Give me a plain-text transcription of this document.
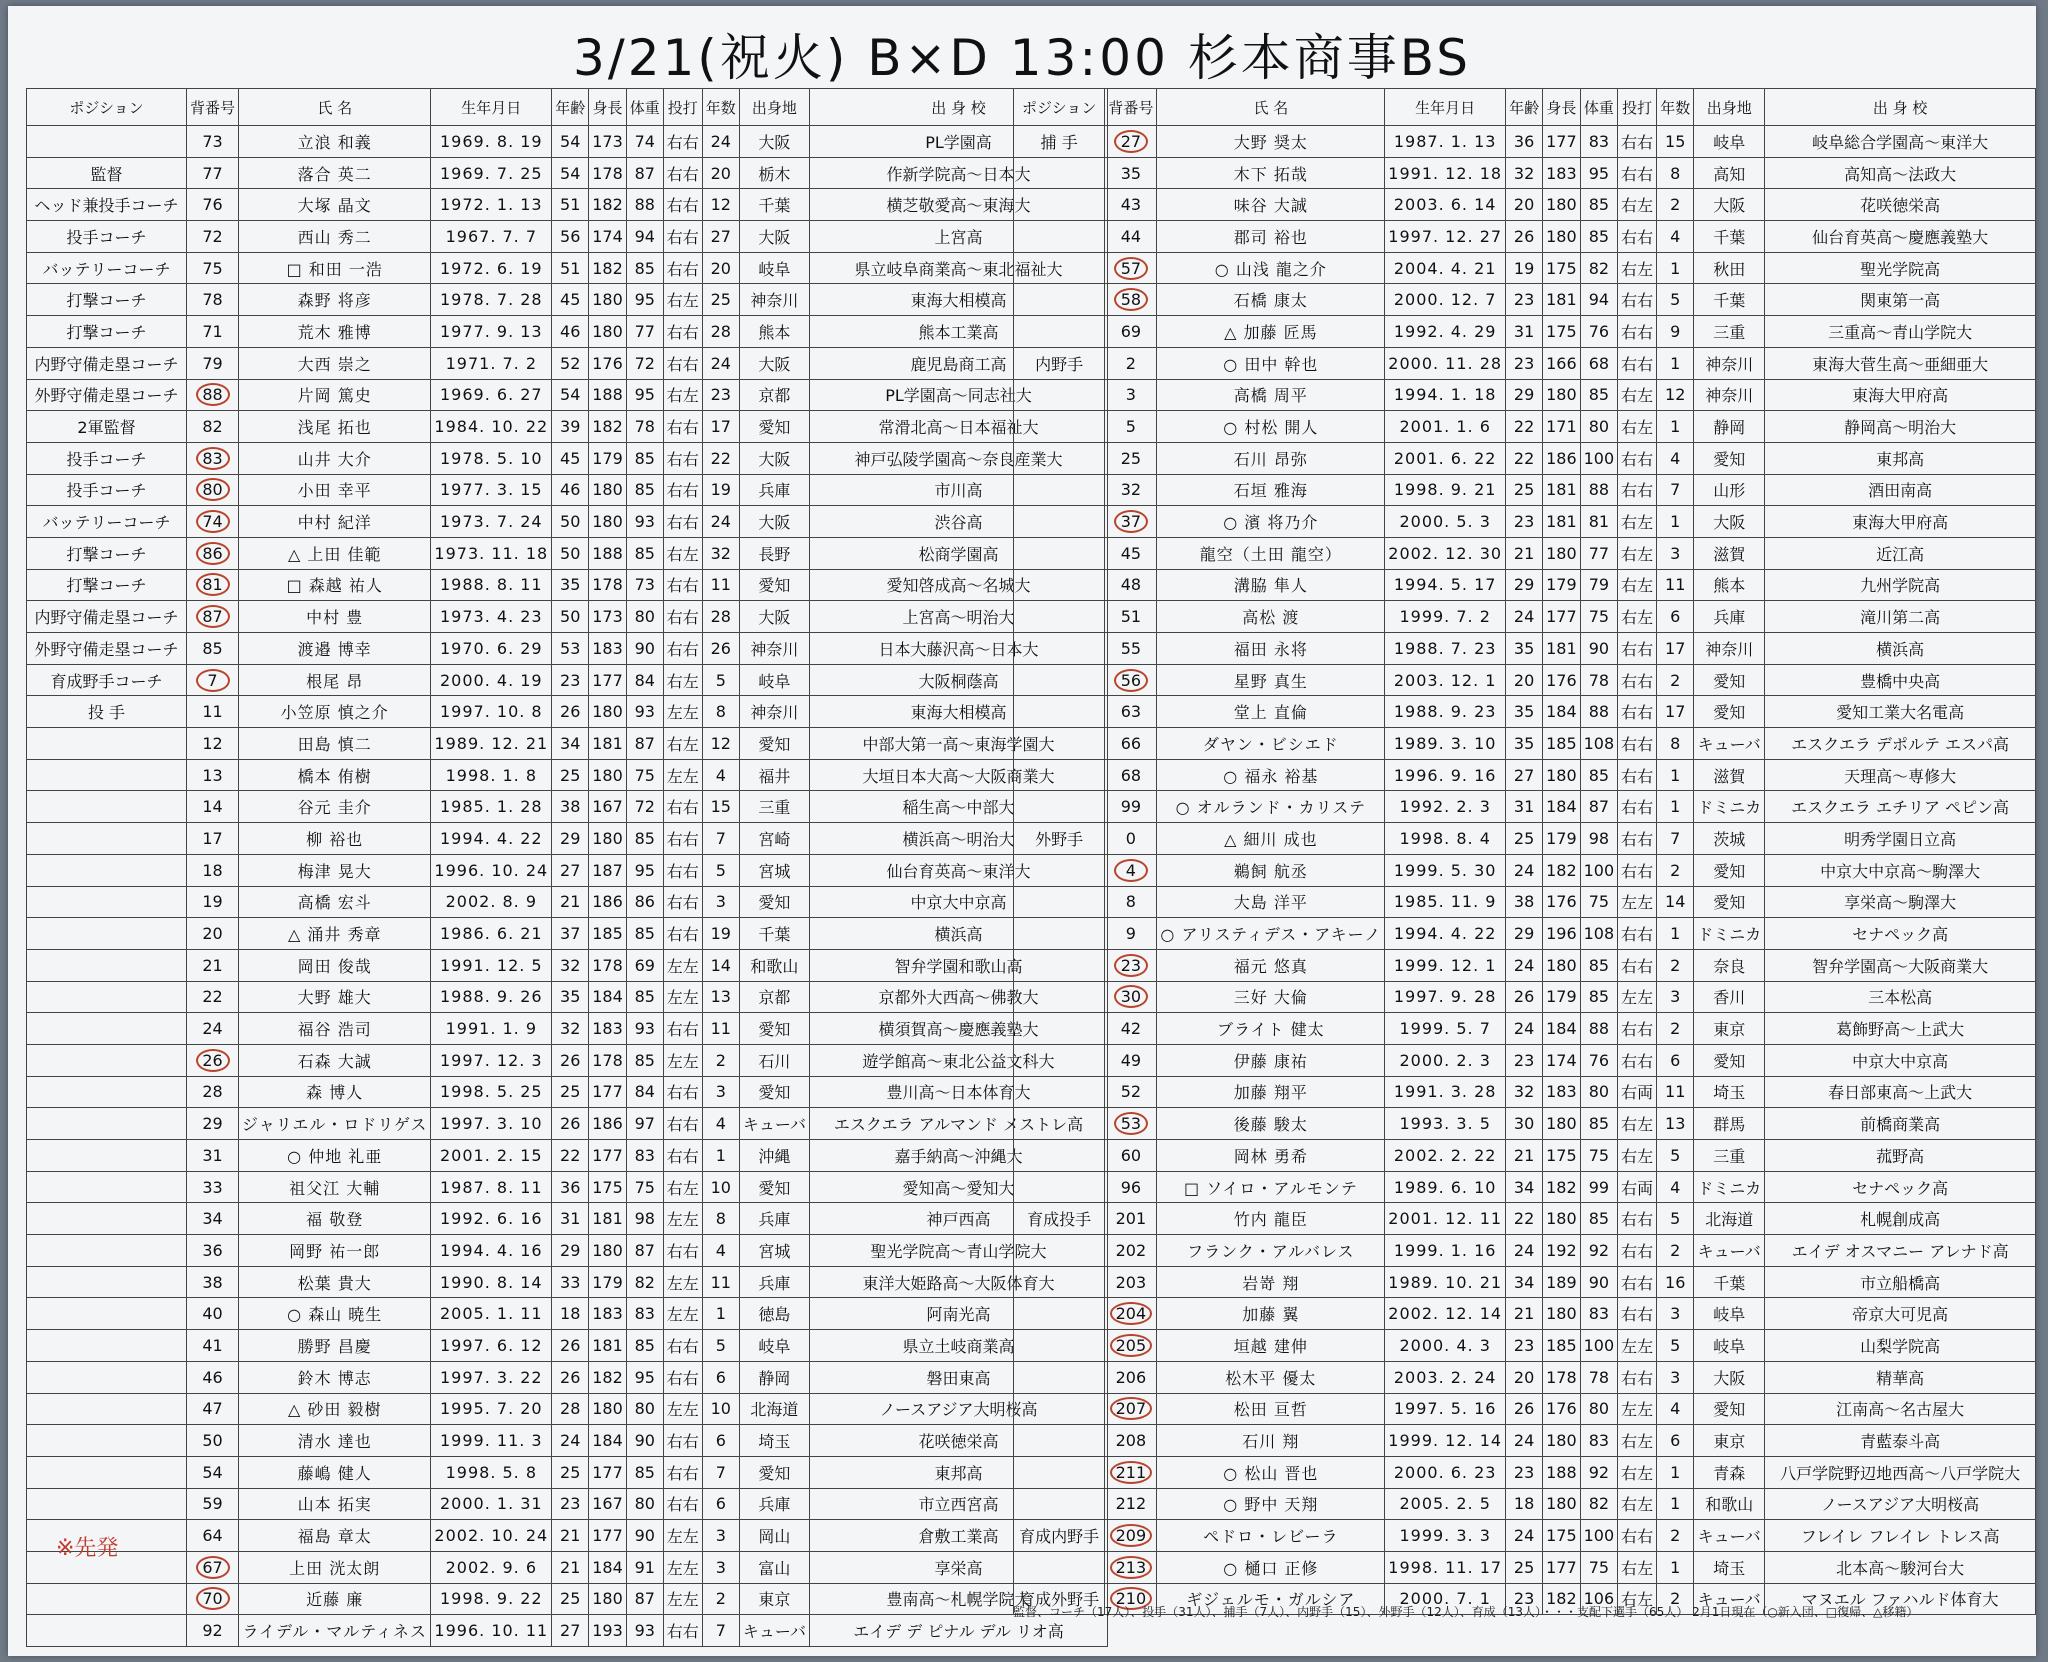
3/21(祝火) B×D 13:00 杉本商事BS
ポジション	背番号	氏 名	生年月日	年齢	身長	体重	投打	年数	出身地	出 身 校
	73	立浪 和義	1969. 8. 19	54	173	74	右右	24	大阪	PL学園高
監督	77	落合 英二	1969. 7. 25	54	178	87	右右	20	栃木	作新学院高～日本大
ヘッド兼投手コーチ	76	大塚 晶文	1972. 1. 13	51	182	88	右右	12	千葉	横芝敬愛高～東海大
投手コーチ	72	西山 秀二	1967. 7. 7	56	174	94	右右	27	大阪	上宮高
バッテリーコーチ	75	□ 和田 一浩	1972. 6. 19	51	182	85	右右	20	岐阜	県立岐阜商業高～東北福祉大
打撃コーチ	78	森野 将彦	1978. 7. 28	45	180	95	右左	25	神奈川	東海大相模高
打撃コーチ	71	荒木 雅博	1977. 9. 13	46	180	77	右右	28	熊本	熊本工業高
内野守備走塁コーチ	79	大西 崇之	1971. 7. 2	52	176	72	右右	24	大阪	鹿児島商工高
外野守備走塁コーチ	88	片岡 篤史	1969. 6. 27	54	188	95	右左	23	京都	PL学園高～同志社大
2軍監督	82	浅尾 拓也	1984. 10. 22	39	182	78	右右	17	愛知	常滑北高～日本福祉大
投手コーチ	83	山井 大介	1978. 5. 10	45	179	85	右右	22	大阪	神戸弘陵学園高～奈良産業大
投手コーチ	80	小田 幸平	1977. 3. 15	46	180	85	右右	19	兵庫	市川高
バッテリーコーチ	74	中村 紀洋	1973. 7. 24	50	180	93	右右	24	大阪	渋谷高
打撃コーチ	86	△ 上田 佳範	1973. 11. 18	50	188	85	右左	32	長野	松商学園高
打撃コーチ	81	□ 森越 祐人	1988. 8. 11	35	178	73	右右	11	愛知	愛知啓成高～名城大
内野守備走塁コーチ	87	中村 豊	1973. 4. 23	50	173	80	右右	28	大阪	上宮高～明治大
外野守備走塁コーチ	85	渡邉 博幸	1970. 6. 29	53	183	90	右右	26	神奈川	日本大藤沢高～日本大
育成野手コーチ	7	根尾 昂	2000. 4. 19	23	177	84	右左	5	岐阜	大阪桐蔭高
投 手	11	小笠原 慎之介	1997. 10. 8	26	180	93	左左	8	神奈川	東海大相模高
	12	田島 慎二	1989. 12. 21	34	181	87	右左	12	愛知	中部大第一高～東海学園大
	13	橋本 侑樹	1998. 1. 8	25	180	75	左左	4	福井	大垣日本大高～大阪商業大
	14	谷元 圭介	1985. 1. 28	38	167	72	右右	15	三重	稲生高～中部大
	17	柳 裕也	1994. 4. 22	29	180	85	右右	7	宮崎	横浜高～明治大
	18	梅津 晃大	1996. 10. 24	27	187	95	右右	5	宮城	仙台育英高～東洋大
	19	高橋 宏斗	2002. 8. 9	21	186	86	右右	3	愛知	中京大中京高
	20	△ 涌井 秀章	1986. 6. 21	37	185	85	右右	19	千葉	横浜高
	21	岡田 俊哉	1991. 12. 5	32	178	69	左左	14	和歌山	智弁学園和歌山高
	22	大野 雄大	1988. 9. 26	35	184	85	左左	13	京都	京都外大西高～佛教大
	24	福谷 浩司	1991. 1. 9	32	183	93	右右	11	愛知	横須賀高～慶應義塾大
	26	石森 大誠	1997. 12. 3	26	178	85	左左	2	石川	遊学館高～東北公益文科大
	28	森 博人	1998. 5. 25	25	177	84	右右	3	愛知	豊川高～日本体育大
	29	ジャリエル・ロドリゲス	1997. 3. 10	26	186	97	右右	4	キューバ	エスクエラ アルマンド メストレ高
	31	○ 仲地 礼亜	2001. 2. 15	22	177	83	右右	1	沖縄	嘉手納高～沖縄大
	33	祖父江 大輔	1987. 8. 11	36	175	75	右左	10	愛知	愛知高～愛知大
	34	福 敬登	1992. 6. 16	31	181	98	左左	8	兵庫	神戸西高
	36	岡野 祐一郎	1994. 4. 16	29	180	87	右右	4	宮城	聖光学院高～青山学院大
	38	松葉 貴大	1990. 8. 14	33	179	82	左左	11	兵庫	東洋大姫路高～大阪体育大
	40	○ 森山 暁生	2005. 1. 11	18	183	83	左左	1	徳島	阿南光高
	41	勝野 昌慶	1997. 6. 12	26	181	85	右右	5	岐阜	県立土岐商業高
	46	鈴木 博志	1997. 3. 22	26	182	95	右右	6	静岡	磐田東高
	47	△ 砂田 毅樹	1995. 7. 20	28	180	80	左左	10	北海道	ノースアジア大明桜高
	50	清水 達也	1999. 11. 3	24	184	90	右右	6	埼玉	花咲徳栄高
	54	藤嶋 健人	1998. 5. 8	25	177	85	右右	7	愛知	東邦高
	59	山本 拓実	2000. 1. 31	23	167	80	右右	6	兵庫	市立西宮高
	64	福島 章太	2002. 10. 24	21	177	90	左左	3	岡山	倉敷工業高
	67	上田 洸太朗	2002. 9. 6	21	184	91	左左	3	富山	享栄高
	70	近藤 廉	1998. 9. 22	25	180	87	左左	2	東京	豊南高～札幌学院大
	92	ライデル・マルティネス	1996. 10. 11	27	193	93	右右	7	キューバ	エイデ デ ピナル デル リオ高
ポジション	背番号	氏 名	生年月日	年齢	身長	体重	投打	年数	出身地	出 身 校
捕 手	27	大野 奨太	1987. 1. 13	36	177	83	右右	15	岐阜	岐阜総合学園高～東洋大
	35	木下 拓哉	1991. 12. 18	32	183	95	右右	8	高知	高知高～法政大
	43	味谷 大誠	2003. 6. 14	20	180	85	右左	2	大阪	花咲徳栄高
	44	郡司 裕也	1997. 12. 27	26	180	85	右右	4	千葉	仙台育英高～慶應義塾大
	57	○ 山浅 龍之介	2004. 4. 21	19	175	82	右左	1	秋田	聖光学院高
	58	石橋 康太	2000. 12. 7	23	181	94	右右	5	千葉	関東第一高
	69	△ 加藤 匠馬	1992. 4. 29	31	175	76	右右	9	三重	三重高～青山学院大
内野手	2	○ 田中 幹也	2000. 11. 28	23	166	68	右右	1	神奈川	東海大菅生高～亜細亜大
	3	高橋 周平	1994. 1. 18	29	180	85	右左	12	神奈川	東海大甲府高
	5	○ 村松 開人	2001. 1. 6	22	171	80	右左	1	静岡	静岡高～明治大
	25	石川 昂弥	2001. 6. 22	22	186	100	右右	4	愛知	東邦高
	32	石垣 雅海	1998. 9. 21	25	181	88	右右	7	山形	酒田南高
	37	○ 濱 将乃介	2000. 5. 3	23	181	81	右左	1	大阪	東海大甲府高
	45	龍空（土田 龍空）	2002. 12. 30	21	180	77	右左	3	滋賀	近江高
	48	溝脇 隼人	1994. 5. 17	29	179	79	右左	11	熊本	九州学院高
	51	高松 渡	1999. 7. 2	24	177	75	右左	6	兵庫	滝川第二高
	55	福田 永将	1988. 7. 23	35	181	90	右右	17	神奈川	横浜高
	56	星野 真生	2003. 12. 1	20	176	78	右右	2	愛知	豊橋中央高
	63	堂上 直倫	1988. 9. 23	35	184	88	右右	17	愛知	愛知工業大名電高
	66	ダヤン・ビシエド	1989. 3. 10	35	185	108	右右	8	キューバ	エスクエラ デポルテ エスパ高
	68	○ 福永 裕基	1996. 9. 16	27	180	85	右右	1	滋賀	天理高～専修大
	99	○ オルランド・カリステ	1992. 2. 3	31	184	87	右右	1	ドミニカ	エスクエラ エチリア ペピン高
外野手	0	△ 細川 成也	1998. 8. 4	25	179	98	右右	7	茨城	明秀学園日立高
	4	鵜飼 航丞	1999. 5. 30	24	182	100	右右	2	愛知	中京大中京高～駒澤大
	8	大島 洋平	1985. 11. 9	38	176	75	左左	14	愛知	享栄高～駒澤大
	9	○ アリスティデス・アキーノ	1994. 4. 22	29	196	108	右右	1	ドミニカ	セナペック高
	23	福元 悠真	1999. 12. 1	24	180	85	右右	2	奈良	智弁学園高～大阪商業大
	30	三好 大倫	1997. 9. 28	26	179	85	左左	3	香川	三本松高
	42	ブライト 健太	1999. 5. 7	24	184	88	右右	2	東京	葛飾野高～上武大
	49	伊藤 康祐	2000. 2. 3	23	174	76	右右	6	愛知	中京大中京高
	52	加藤 翔平	1991. 3. 28	32	183	80	右両	11	埼玉	春日部東高～上武大
	53	後藤 駿太	1993. 3. 5	30	180	85	右左	13	群馬	前橋商業高
	60	岡林 勇希	2002. 2. 22	21	175	75	右左	5	三重	菰野高
	96	□ ソイロ・アルモンテ	1989. 6. 10	34	182	99	右両	4	ドミニカ	セナペック高
育成投手	201	竹内 龍臣	2001. 12. 11	22	180	85	右右	5	北海道	札幌創成高
	202	フランク・アルバレス	1999. 1. 16	24	192	92	右右	2	キューバ	エイデ オスマニー アレナド高
	203	岩嵜 翔	1989. 10. 21	34	189	90	右右	16	千葉	市立船橋高
	204	加藤 翼	2002. 12. 14	21	180	83	右右	3	岐阜	帝京大可児高
	205	垣越 建伸	2000. 4. 3	23	185	100	左左	5	岐阜	山梨学院高
	206	松木平 優太	2003. 2. 24	20	178	78	右右	3	大阪	精華高
	207	松田 亘哲	1997. 5. 16	26	176	80	左左	4	愛知	江南高～名古屋大
	208	石川 翔	1999. 12. 14	24	180	83	右左	6	東京	青藍泰斗高
	211	○ 松山 晋也	2000. 6. 23	23	188	92	右左	1	青森	八戸学院野辺地西高～八戸学院大
	212	○ 野中 天翔	2005. 2. 5	18	180	82	右左	1	和歌山	ノースアジア大明桜高
育成内野手	209	ペドロ・レビーラ	1999. 3. 3	24	175	100	右右	2	キューバ	フレイレ フレイレ トレス高
	213	○ 樋口 正修	1998. 11. 17	25	177	75	右左	1	埼玉	北本高～駿河台大
育成外野手	210	ギジェルモ・ガルシア	2000. 7. 1	23	182	106	右左	2	キューバ	マヌエル ファハルド体育大
※先発
監督、コーチ（17人）、投手（31人）、捕手（7人）、内野手（15）、外野手（12人）、育成（13人）・・・支配下選手（65人） 2月1日現在（○新入団、□復帰、△移籍）
